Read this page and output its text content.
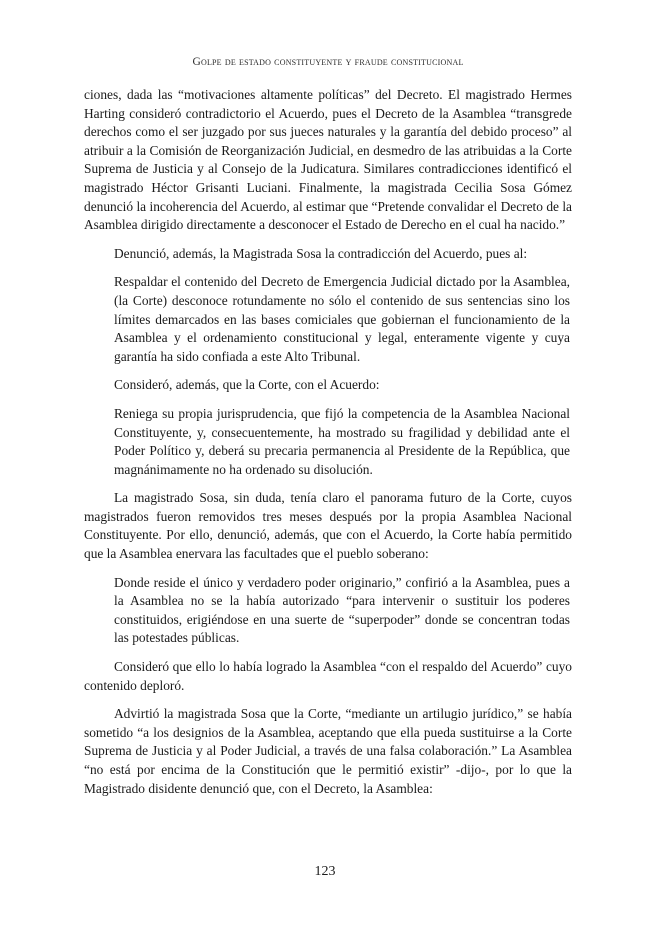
Golpe de estado constituyente y fraude constitucional

ciones, dada las “motivaciones altamente políticas” del Decreto. El magistrado Hermes Harting consideró contradictorio el Acuerdo, pues el Decreto de la Asamblea “transgrede derechos como el ser juzgado por sus jueces naturales y la garantía del debido proceso” al atribuir a la Comisión de Reorganización Judicial, en desmedro de las atribuidas a la Corte Suprema de Justicia y al Consejo de la Judicatura. Similares contradicciones identificó el magistrado Héctor Grisanti Luciani. Finalmente, la magistrada Cecilia Sosa Gómez denunció la incoherencia del Acuerdo, al estimar que “Pretende convalidar el Decreto de la Asamblea dirigido directamente a desconocer el Estado de Derecho en el cual ha nacido.”

Denunció, además, la Magistrada Sosa la contradicción del Acuerdo, pues al:

Respaldar el contenido del Decreto de Emergencia Judicial dictado por la Asamblea, (la Corte) desconoce rotundamente no sólo el contenido de sus sentencias sino los límites demarcados en las bases comiciales que gobiernan el funcionamiento de la Asamblea y el ordenamiento constitucional y legal, enteramente vigente y cuya garantía ha sido confiada a este Alto Tribunal.

Consideró, además, que la Corte, con el Acuerdo:

Reniega su propia jurisprudencia, que fijó la competencia de la Asamblea Nacional Constituyente, y, consecuentemente, ha mostrado su fragilidad y debilidad ante el Poder Político y, deberá su precaria permanencia al Presidente de la República, que magnánimamente no ha ordenado su disolución.

La magistrado Sosa, sin duda, tenía claro el panorama futuro de la Corte, cuyos magistrados fueron removidos tres meses después por la propia Asamblea Nacional Constituyente. Por ello, denunció, además, que con el Acuerdo, la Corte había permitido que la Asamblea enervara las facultades que el pueblo soberano:

Donde reside el único y verdadero poder originario,” confirió a la Asamblea, pues a la Asamblea no se la había autorizado “para intervenir o sustituir los poderes constituidos, erigiéndose en una suerte de “superpoder” donde se concentran todas las potestades públicas.

Consideró que ello lo había logrado la Asamblea “con el respaldo del Acuerdo” cuyo contenido deploró.

Advirtió la magistrada Sosa que la Corte, “mediante un artilugio jurídico,” se había sometido “a los designios de la Asamblea, aceptando que ella pueda sustituirse a la Corte Suprema de Justicia y al Poder Judicial, a través de una falsa colaboración.” La Asamblea “no está por encima de la Constitución que le permitió existir” -dijo-, por lo que la Magistrado disidente denunció que, con el Decreto, la Asamblea:

123
